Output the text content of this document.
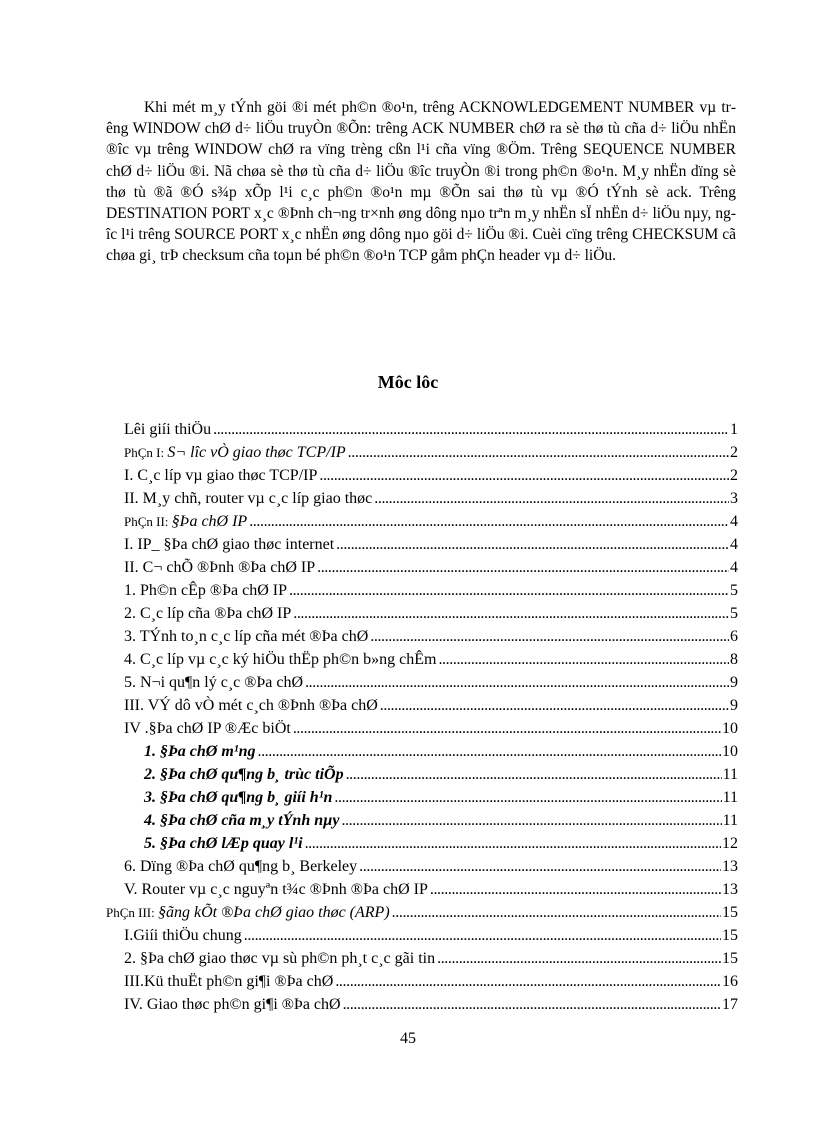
Khi mét m¸y tÝnh göi ®i mét ph©n ®o¹n, trêng ACKNOWLEDGEMENT NUMBER vµ trêng WINDOW chØ d÷ liÖu truyÒn ®Õn: trêng ACK NUMBER chØ ra sè thø tù cña d÷ liÖu nhËn ®îc vµ trêng WINDOW chØ ra vïng trèng cßn l¹i cña vïng ®Öm. Trêng SEQUENCE NUMBER chØ d÷ liÖu ®i. Nã chøa sè thø tù cña d÷ liÖu ®îc truyÒn ®i trong ph©n ®o¹n. M¸y nhËn dïng sè thø tù ®ã ®Ó s¾p xÕp l¹i c¸c ph©n ®o¹n mµ ®Õn sai thø tù vµ ®Ó tÝnh sè ack. Trêng DESTINATION PORT x¸c ®Þnh ch¬ng tr×nh øng dông nµo trªn m¸y nhËn sÏ nhËn d÷ liÖu nµy, ngîc l¹i trêng SOURCE PORT x¸c nhËn øng dông nµo göi d÷ liÖu ®i. Cuèi cïng trêng CHECKSUM cã chøa gi¸ trÞ checksum cña toµn bé ph©n ®o¹n TCP gåm phÇn header vµ d÷ liÖu.

Môc lôc
Lêi giíi thiÖu . . .	1
PhÇn I: S¬ lîc vÒ giao thøc TCP/IP . . .	2
I. C¸c líp vµ giao thøc TCP/IP . . .	2
II. M¸y chñ, router vµ c¸c líp giao thøc . . .	3
PhÇn II: §Þa chØ IP . . .	4
I. IP_ §Þa chØ giao thøc internet . . .	4
II. C¬ chÕ ®Þnh ®Þa chØ IP . . .	4
1. Ph©n cÊp ®Þa chØ IP . . .	5
2. C¸c líp cña ®Þa chØ IP . . .	5
3. TÝnh to¸n c¸c líp cña mét ®Þa chØ . . .	6
4. C¸c líp vµ c¸c ký hiÖu thËp ph©n b»ng chÊm . . .	8
5. N¬i qu¶n lý c¸c ®Þa chØ . . .	9
III. VÝ dô vÒ mét c¸ch ®Þnh ®Þa chØ . . .	9
IV .§Þa chØ IP ®Æc biÖt . . .	10
1. §Þa chØ m¹ng . . .	10
2. §Þa chØ qu¶ng b¸ trùc tiÕp . . .	11
3. §Þa chØ qu¶ng b¸ giíi h¹n . . .	11
4. §Þa chØ cña m¸y tÝnh nµy . . .	11
5. §Þa chØ lÆp quay l¹i . . .	12
6. Dïng ®Þa chØ qu¶ng b¸ Berkeley . . .	13
V. Router vµ c¸c nguyªn t¾c ®Þnh ®Þa chØ IP . . .	13
PhÇn III: §ãng kÕt ®Þa chØ giao thøc (ARP) . . .	15
I.Giíi thiÖu chung . . .	15
2. §Þa chØ giao thøc vµ sù ph©n ph¸t c¸c gãi tin . . .	15
III.Kü thuËt ph©n gi¶i ®Þa chØ . . .	16
IV. Giao thøc ph©n gi¶i ®Þa chØ . . .	17

45
